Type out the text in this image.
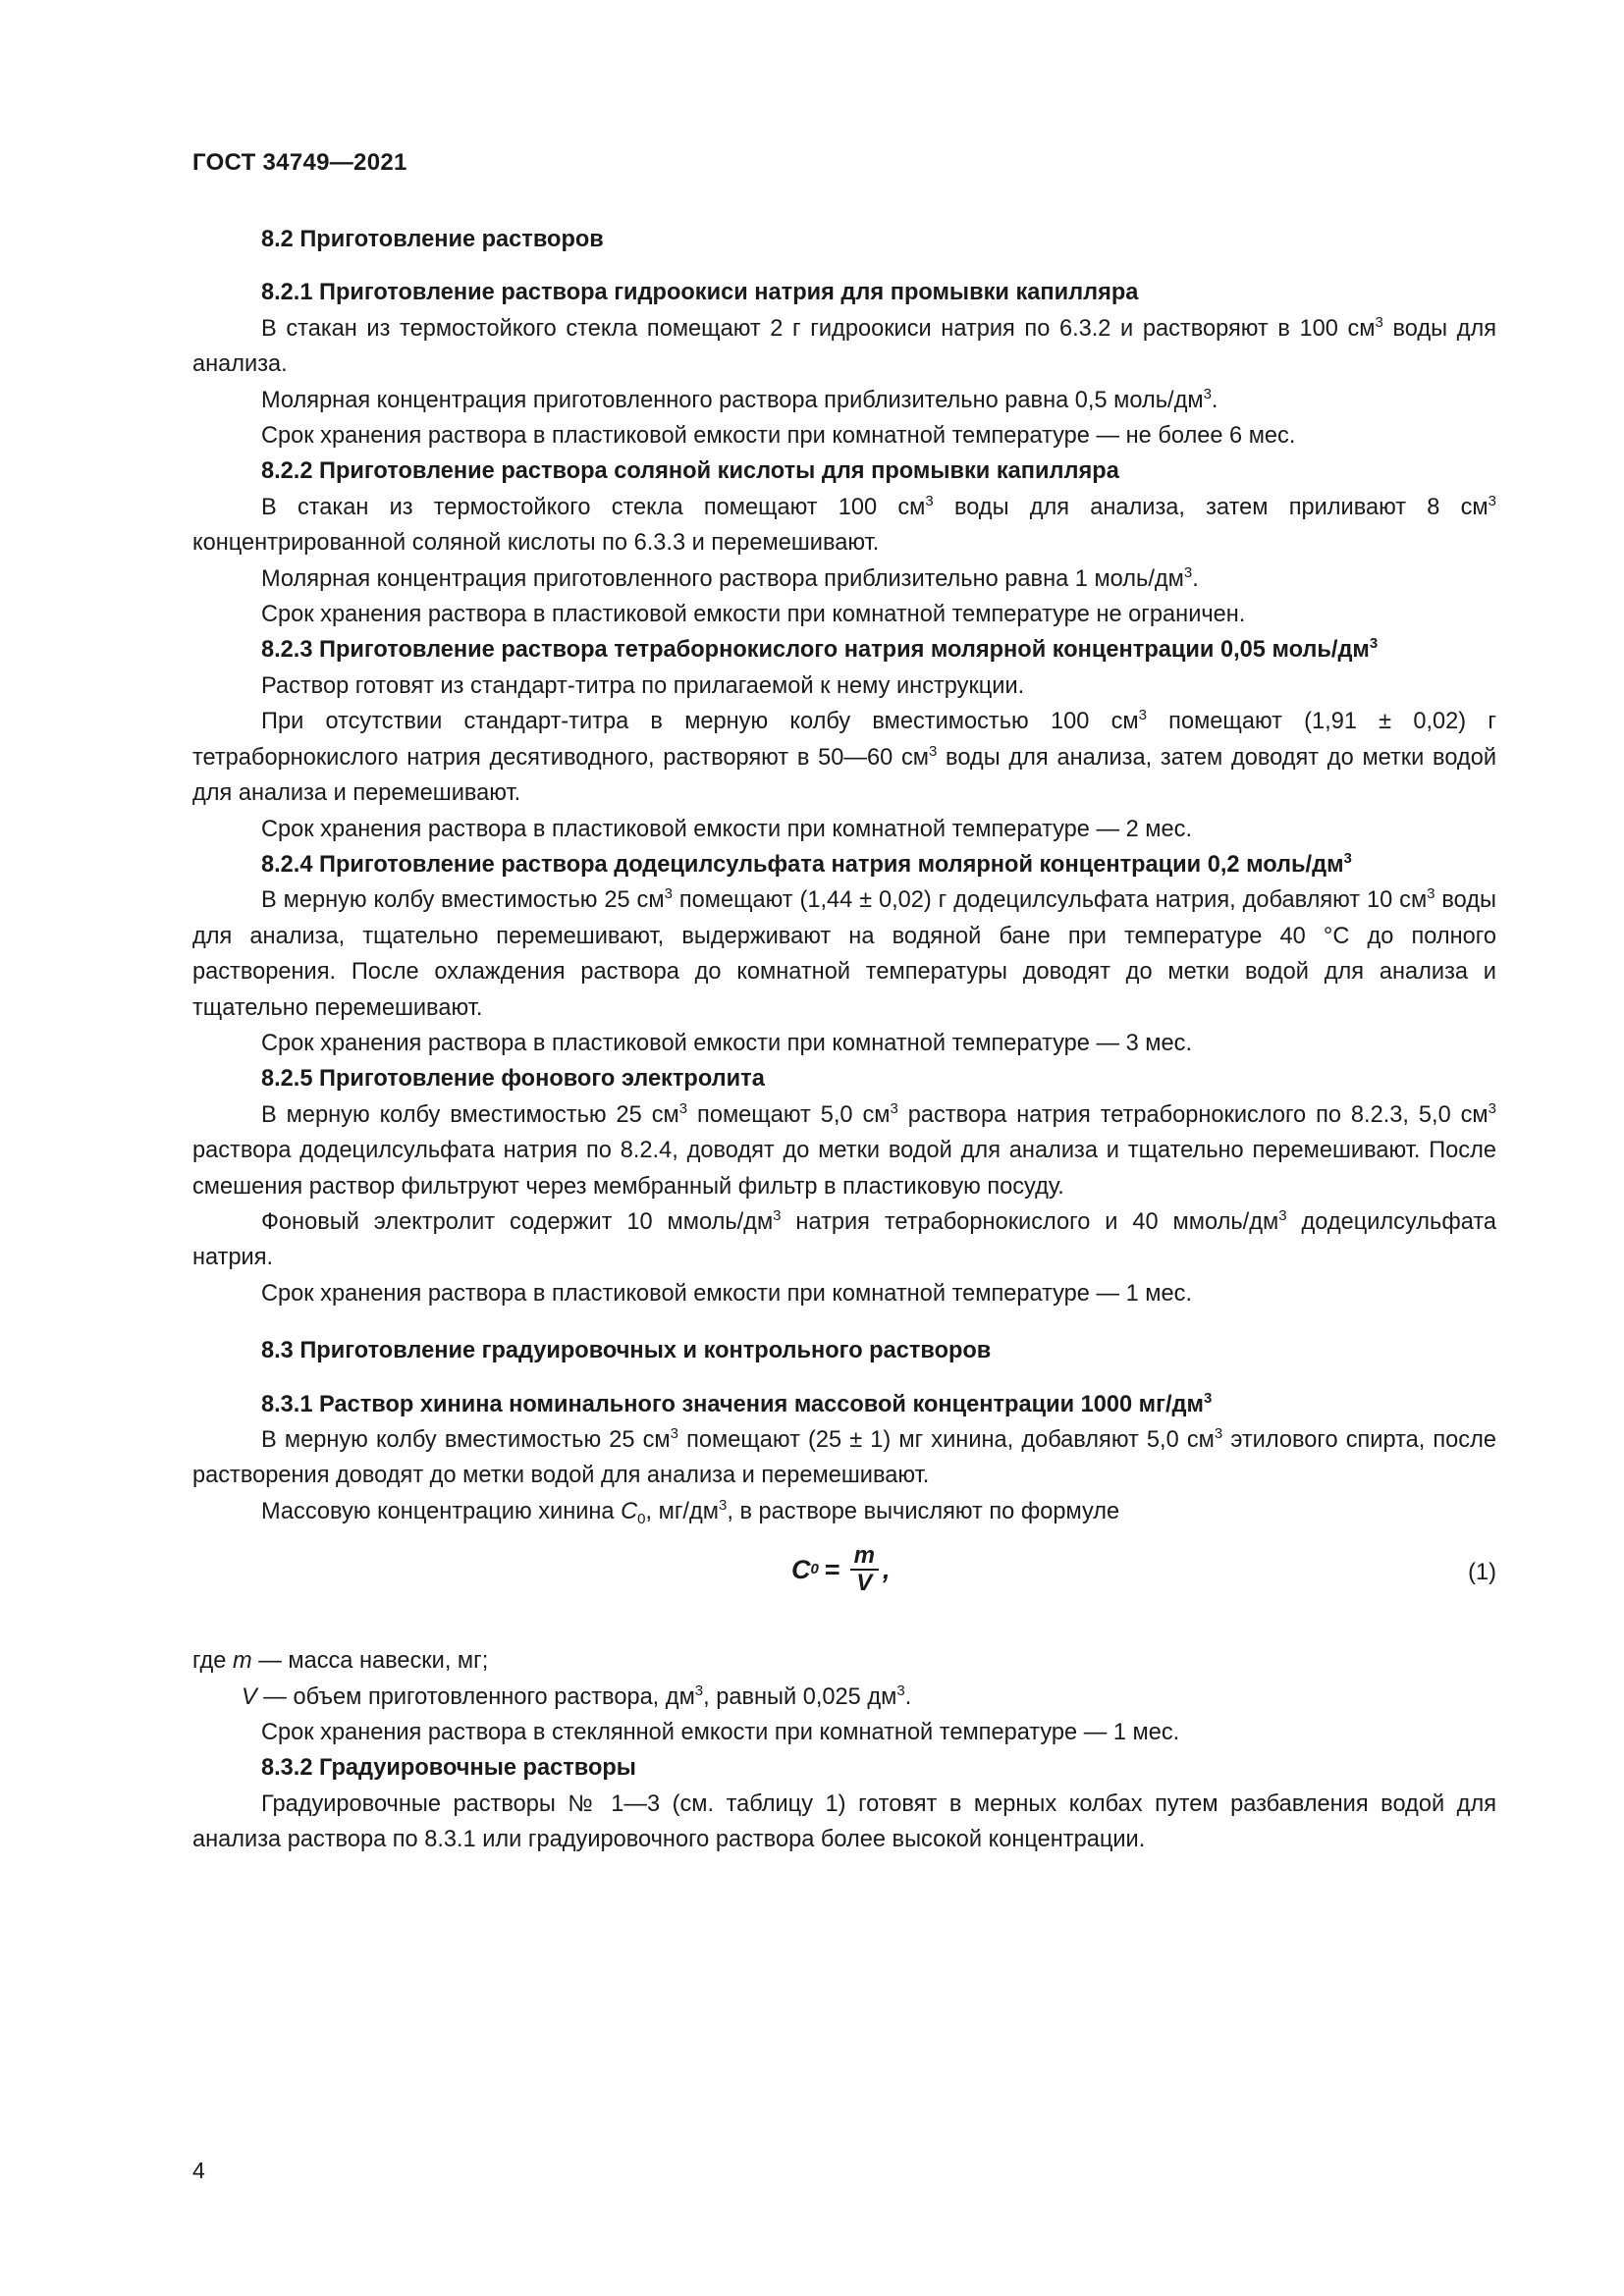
ГОСТ 34749—2021

8.2 Приготовление растворов

8.2.1 Приготовление раствора гидроокиси натрия для промывки капилляра

В стакан из термостойкого стекла помещают 2 г гидроокиси натрия по 6.3.2 и растворяют в 100 $см^3$ воды для анализа.

Молярная концентрация приготовленного раствора приблизительно равна 0,5 моль/$дм^3$.

Срок хранения раствора в пластиковой емкости при комнатной температуре — не более 6 мес.

8.2.2 Приготовление раствора соляной кислоты для промывки капилляра

В стакан из термостойкого стекла помещают 100 $см^3$ воды для анализа, затем приливают 8 $см^3$ концентрированной соляной кислоты по 6.3.3 и перемешивают.

Молярная концентрация приготовленного раствора приблизительно равна 1 моль/$дм^3$.

Срок хранения раствора в пластиковой емкости при комнатной температуре не ограничен.

8.2.3 Приготовление раствора тетраборнокислого натрия молярной концентрации 0,05 моль/$дм^3$

Раствор готовят из стандарт-титра по прилагаемой к нему инструкции.

При отсутствии стандарт-титра в мерную колбу вместимостью 100 $см^3$ помещают (1,91 ± 0,02) г тетраборнокислого натрия десятиводного, растворяют в 50—60 $см^3$ воды для анализа, затем доводят до метки водой для анализа и перемешивают.

Срок хранения раствора в пластиковой емкости при комнатной температуре — 2 мес.

8.2.4 Приготовление раствора додецилсульфата натрия молярной концентрации 0,2 моль/$дм^3$

В мерную колбу вместимостью 25 $см^3$ помещают (1,44 ± 0,02) г додецилсульфата натрия, добавляют 10 $см^3$ воды для анализа, тщательно перемешивают, выдерживают на водяной бане при температуре 40 °С до полного растворения. После охлаждения раствора до комнатной температуры доводят до метки водой для анализа и тщательно перемешивают.

Срок хранения раствора в пластиковой емкости при комнатной температуре — 3 мес.

8.2.5 Приготовление фонового электролита

В мерную колбу вместимостью 25 $см^3$ помещают 5,0 $см^3$ раствора натрия тетраборнокислого по 8.2.3, 5,0 $см^3$ раствора додецилсульфата натрия по 8.2.4, доводят до метки водой для анализа и тщательно перемешивают. После смешения раствор фильтруют через мембранный фильтр в пластиковую посуду.

Фоновый электролит содержит 10 ммоль/$дм^3$ натрия тетраборнокислого и 40 ммоль/$дм^3$ додецилсульфата натрия.

Срок хранения раствора в пластиковой емкости при комнатной температуре — 1 мес.

8.3 Приготовление градуировочных и контрольного растворов

8.3.1 Раствор хинина номинального значения массовой концентрации 1000 $мг/дм^3$

В мерную колбу вместимостью 25 $см^3$ помещают (25 ± 1) мг хинина, добавляют 5,0 $см^3$ этилового спирта, после растворения доводят до метки водой для анализа и перемешивают.

Массовую концентрацию хинина $C_0$, $мг/дм^3$, в растворе вычисляют по формуле

C $0 = \frac{m}{V}$ ,	(1)

где m — масса навески, мг;

V — объем приготовленного раствора, $дм^3$, равный 0,025 $дм^3$.

Срок хранения раствора в стеклянной емкости при комнатной температуре — 1 мес.

8.3.2 Градуировочные растворы

Градуировочные растворы № 1—3 (см. таблицу 1) готовят в мерных колбах путем разбавления водой для анализа раствора по 8.3.1 или градуировочного раствора более высокой концентрации.

4
